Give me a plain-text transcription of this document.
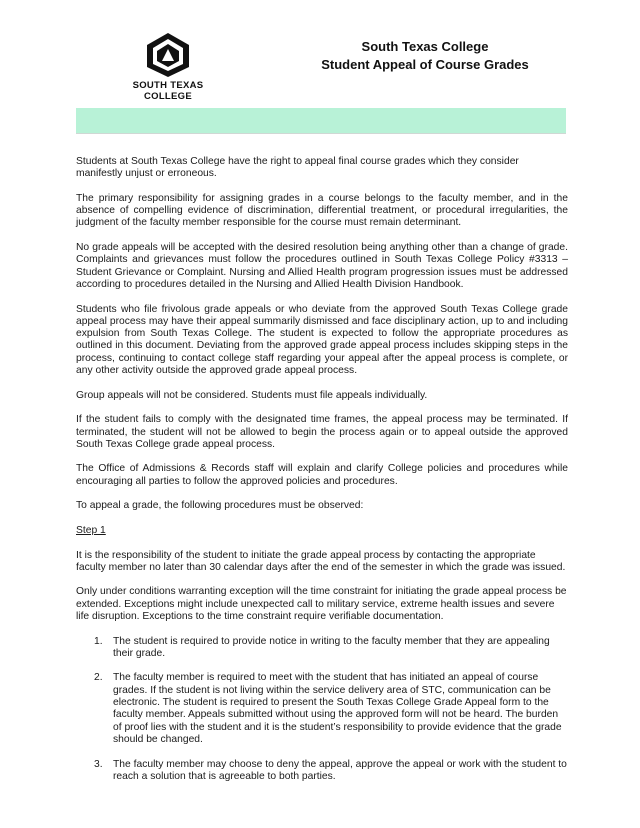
SOUTH TEXAS
COLLEGE
South Texas College
Student Appeal of Course Grades

Students at South Texas College have the right to appeal final course grades which they consider manifestly unjust or erroneous.

The primary responsibility for assigning grades in a course belongs to the faculty member, and in the absence of compelling evidence of discrimination, differential treatment, or procedural irregularities, the judgment of the faculty member responsible for the course must remain determinant.

No grade appeals will be accepted with the desired resolution being anything other than a change of grade. Complaints and grievances must follow the procedures outlined in South Texas College Policy #3313 – Student Grievance or Complaint. Nursing and Allied Health program progression issues must be addressed according to procedures detailed in the Nursing and Allied Health Division Handbook.

Students who file frivolous grade appeals or who deviate from the approved South Texas College grade appeal process may have their appeal summarily dismissed and face disciplinary action, up to and including expulsion from South Texas College. The student is expected to follow the appropriate procedures as outlined in this document. Deviating from the approved grade appeal process includes skipping steps in the process, continuing to contact college staff regarding your appeal after the appeal process is complete, or any other activity outside the approved grade appeal process.

Group appeals will not be considered. Students must file appeals individually.

If the student fails to comply with the designated time frames, the appeal process may be terminated. If terminated, the student will not be allowed to begin the process again or to appeal outside the approved South Texas College grade appeal process.

The Office of Admissions & Records staff will explain and clarify College policies and procedures while encouraging all parties to follow the approved policies and procedures.

To appeal a grade, the following procedures must be observed:

Step 1

It is the responsibility of the student to initiate the grade appeal process by contacting the appropriate faculty member no later than 30 calendar days after the end of the semester in which the grade was issued.

Only under conditions warranting exception will the time constraint for initiating the grade appeal process be extended. Exceptions might include unexpected call to military service, extreme health issues and severe life disruption. Exceptions to the time constraint require verifiable documentation.

1. The student is required to provide notice in writing to the faculty member that they are appealing their grade.
2. The faculty member is required to meet with the student that has initiated an appeal of course grades. If the student is not living within the service delivery area of STC, communication can be electronic. The student is required to present the South Texas College Grade Appeal form to the faculty member. Appeals submitted without using the approved form will not be heard. The burden of proof lies with the student and it is the student’s responsibility to provide evidence that the grade should be changed.
3. The faculty member may choose to deny the appeal, approve the appeal or work with the student to reach a solution that is agreeable to both parties.
